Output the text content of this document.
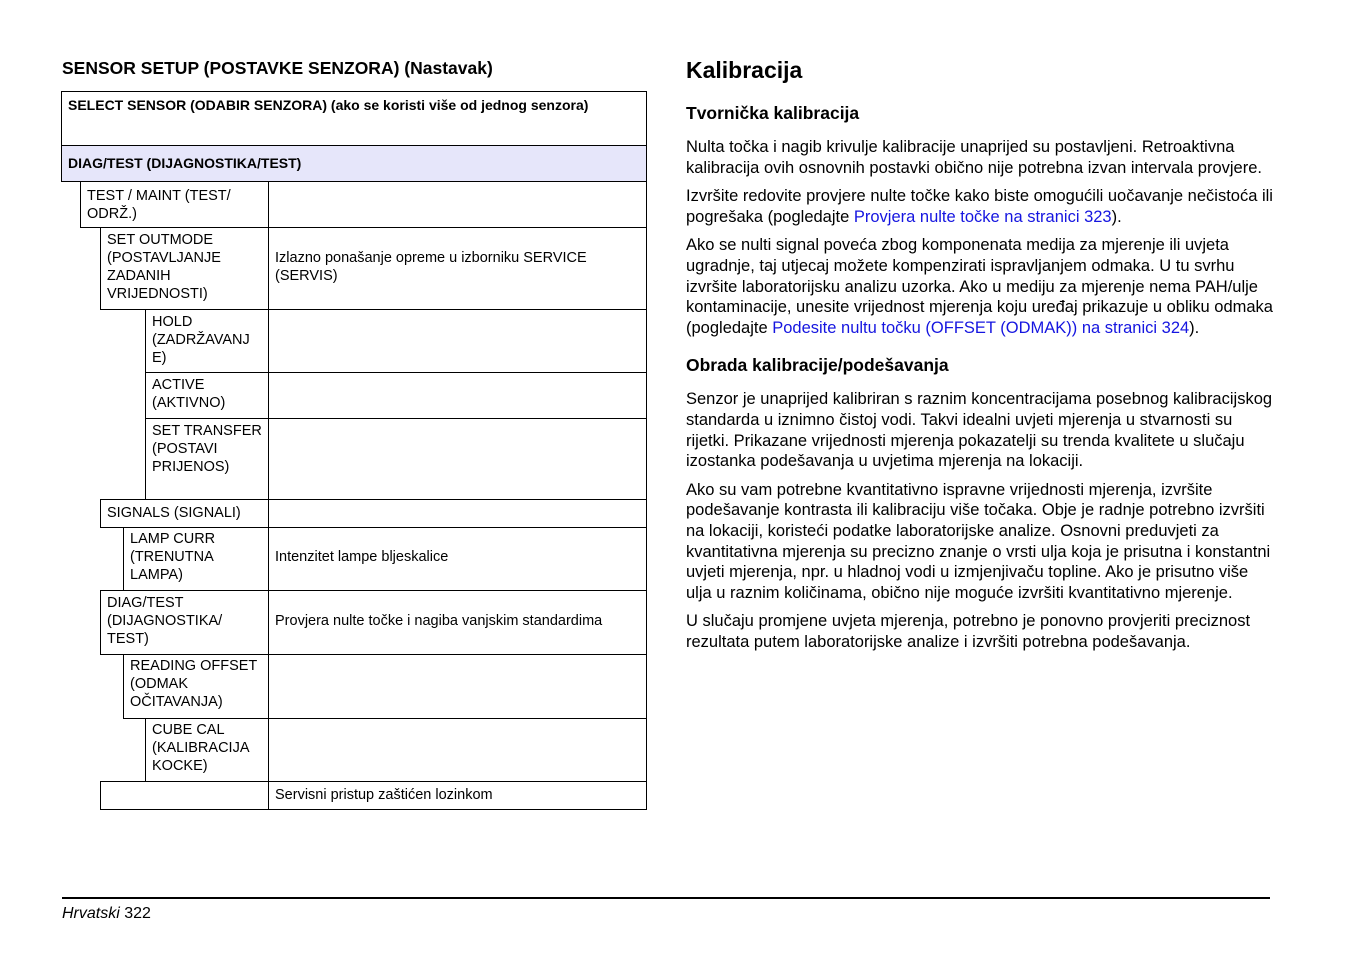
SENSOR SETUP (POSTAVKE SENZORA) (Nastavak)
SELECT SENSOR (ODABIR SENZORA) (ako se koristi više od jednog senzora)
DIAG/TEST (DIJAGNOSTIKA/TEST)
TEST / MAINT (TEST/ ODRŽ.)
SET OUTMODE (POSTAVLJANJE ZADANIH VRIJEDNOSTI)
Izlazno ponašanje opreme u izborniku SERVICE (SERVIS)
HOLD (ZADRŽAVANJ E)
ACTIVE (AKTIVNO)
SET TRANSFER (POSTAVI PRIJENOS)
SIGNALS (SIGNALI)
LAMP CURR (TRENUTNA LAMPA)
Intenzitet lampe bljeskalice
DIAG/TEST (DIJAGNOSTIKA/ TEST)
Provjera nulte točke i nagiba vanjskim standardima
READING OFFSET (ODMAK OČITAVANJA)
CUBE CAL (KALIBRACIJA KOCKE)
Servisni pristup zaštićen lozinkom
Kalibracija
Tvornička kalibracija

Nulta točka i nagib krivulje kalibracije unaprijed su postavljeni. Retroaktivna kalibracija ovih osnovnih postavki obično nije potrebna izvan intervala provjere.

Izvršite redovite provjere nulte točke kako biste omogućili uočavanje nečistoća ili pogrešaka (pogledajte Provjera nulte točke na stranici 323).

Ako se nulti signal poveća zbog komponenata medija za mjerenje ili uvjeta ugradnje, taj utjecaj možete kompenzirati ispravljanjem odmaka. U tu svrhu izvršite laboratorijsku analizu uzorka. Ako u mediju za mjerenje nema PAH/ulje kontaminacije, unesite vrijednost mjerenja koju uređaj prikazuje u obliku odmaka (pogledajte Podesite nultu točku (OFFSET (ODMAK)) na stranici 324).

Obrada kalibracije/podešavanja

Senzor je unaprijed kalibriran s raznim koncentracijama posebnog kalibracijskog standarda u iznimno čistoj vodi. Takvi idealni uvjeti mjerenja u stvarnosti su rijetki. Prikazane vrijednosti mjerenja pokazatelji su trenda kvalitete u slučaju izostanka podešavanja u uvjetima mjerenja na lokaciji.

Ako su vam potrebne kvantitativno ispravne vrijednosti mjerenja, izvršite podešavanje kontrasta ili kalibraciju više točaka. Obje je radnje potrebno izvršiti na lokaciji, koristeći podatke laboratorijske analize. Osnovni preduvjeti za kvantitativna mjerenja su precizno znanje o vrsti ulja koja je prisutna i konstantni uvjeti mjerenja, npr. u hladnoj vodi u izmjenjivaču topline. Ako je prisutno više ulja u raznim količinama, obično nije moguće izvršiti kvantitativno mjerenje.

U slučaju promjene uvjeta mjerenja, potrebno je ponovno provjeriti preciznost rezultata putem laboratorijske analize i izvršiti potrebna podešavanja.

Hrvatski 322
